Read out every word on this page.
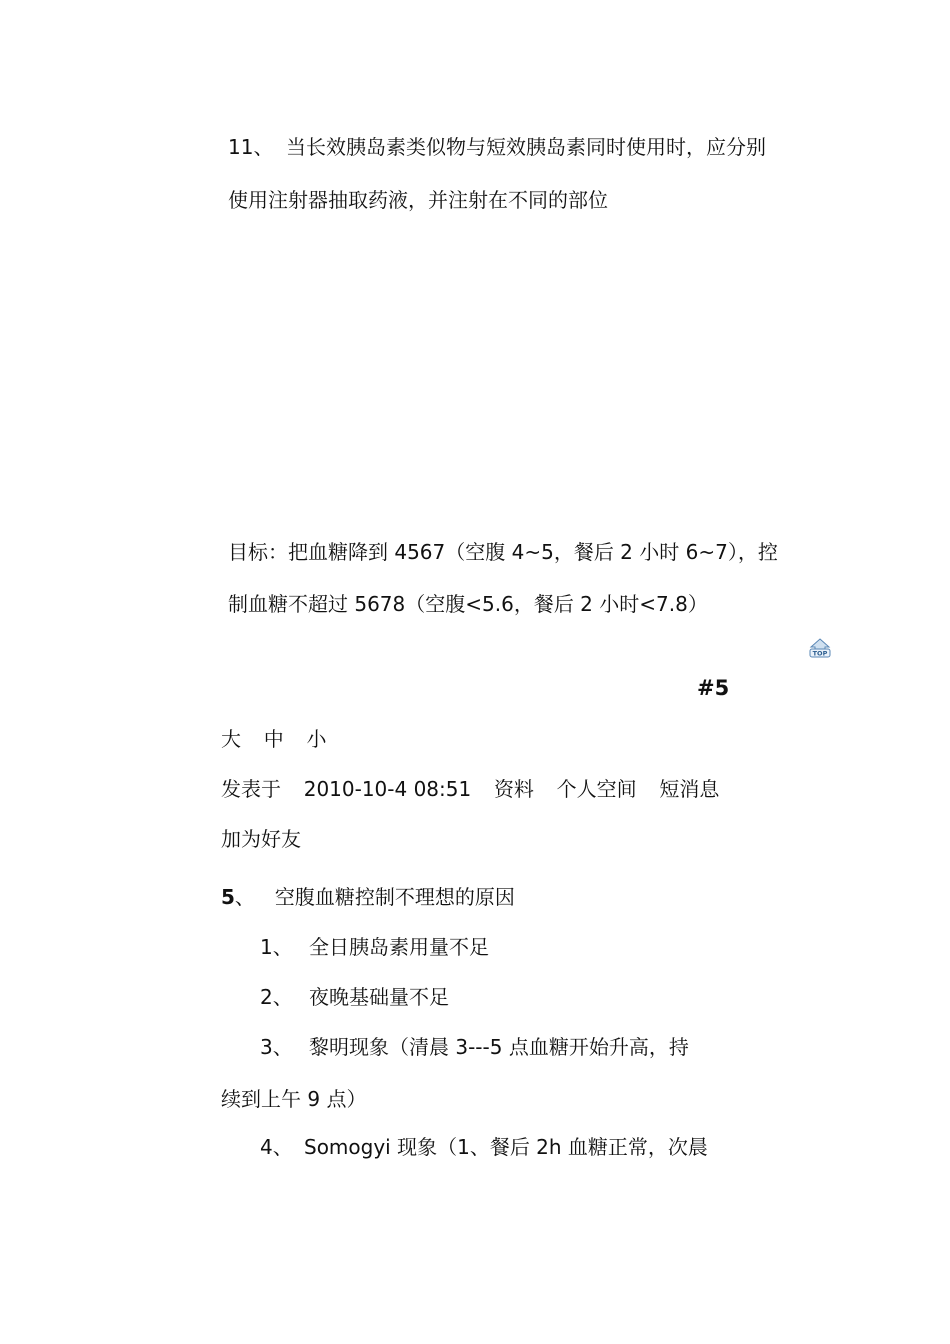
11、 当长效胰岛素类似物与短效胰岛素同时使用时，应分别
使用注射器抽取药液，并注射在不同的部位
目标：把血糖降到 4567（空腹 4~5，餐后 2 小时 6~7），控
制血糖不超过 5678（空腹<5.6，餐后 2 小时<7.8）
TOP
#5
大 中 小
发表于 2010-10-4 08:51 资料 个人空间 短消息
加为好友
5、 空腹血糖控制不理想的原因
1、 全日胰岛素用量不足
2、 夜晚基础量不足
3、 黎明现象（清晨 3---5 点血糖开始升高，持
续到上午 9 点）
4、 Somogyi 现象（1、餐后 2h 血糖正常，次晨
